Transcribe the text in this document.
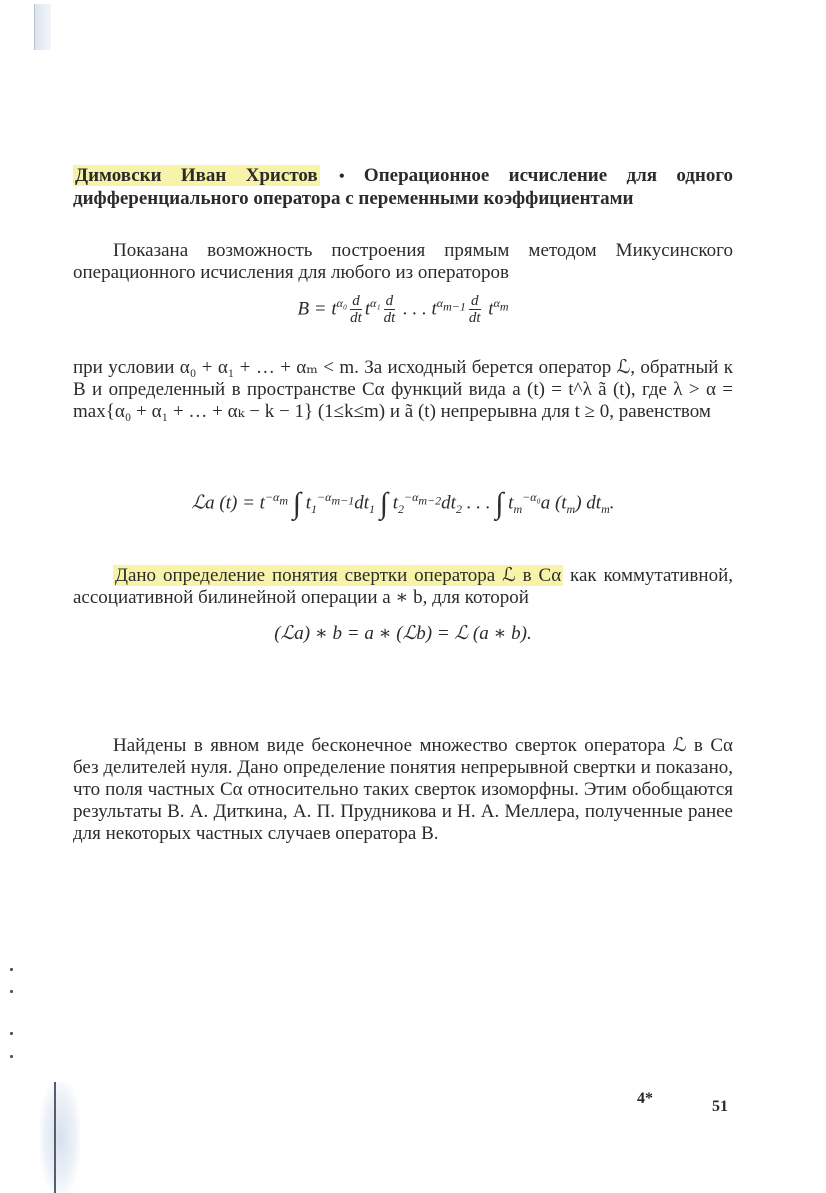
Димовски Иван Христов • Операционное исчисление для одного дифференциального оператора с переменными коэффициентами

Показана возможность построения прямым методом Микусинского операционного исчисления для любого из операторов

$B = t^{\alpha_0} \frac{d}{dt} t^{\alpha_1} \frac{d}{dt}$ . . . $t^{\alpha_{m-1}} \frac{d}{dt} t^{\alpha_m}$

при условии α₀ + α₁ + … + αₘ < m. За исходный берется оператор ℒ, обратный к B и определенный в пространстве Cα функций вида a (t) = t^λ ã (t), где λ > α = max{α₀ + α₁ + … + αₖ − k − 1} (1≤k≤m) и ã (t) непрерывна для t ≥ 0, равенством

ℒa $(t) = t^{-\alpha_m}$ ∫ $t_1^{-\alpha_{m-1}}dt_1$ ∫ $t_2^{-\alpha_{m-2}}dt_2$ . . . ∫ $t_m^{-\alpha_0}a$ $(t_m)$ $dt_m$.

Дано определение понятия свертки оператора ℒ в Cα как коммутативной, ассоциативной билинейной операции a ∗ b, для которой

(ℒa) ∗ b = a ∗ (ℒb) = ℒ (a ∗ b).

Найдены в явном виде бесконечное множество сверток оператора ℒ в Cα без делителей нуля. Дано определение понятия непрерывной свертки и показано, что поля частных Cα относительно таких сверток изоморфны. Этим обобщаются результаты В. А. Диткина, А. П. Прудникова и Н. А. Меллера, полученные ранее для некоторых частных случаев оператора B.

4*	51
